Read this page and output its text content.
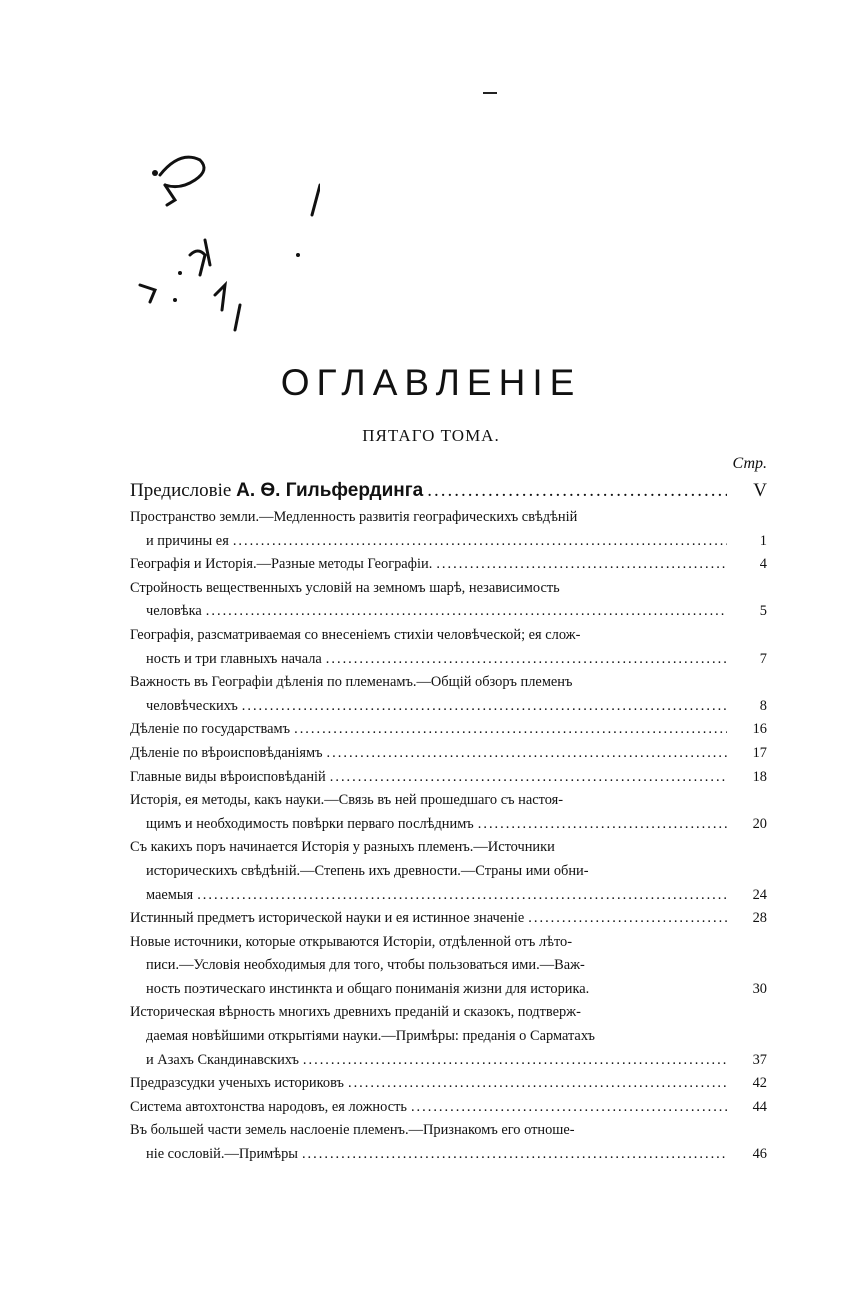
ОГЛАВЛЕНІЕ
ПЯТАГО ТОМА.
Стр.
Предисловіе А. Ѳ. Гильфердинга .....	V
Пространство земли.—Медленность развитія географическихъ свѣдѣній
и причины ея .....	1
Географія и Исторія.—Разные методы Географіи. .....	4
Стройность вещественныхъ условій на земномъ шарѣ, независимость
человѣка .....	5
Географія, разсматриваемая со внесеніемъ стихіи человѣческой; ея слож-
ность и три главныхъ начала .....	7
Важность въ Географіи дѣленія по племенамъ.—Общій обзоръ племенъ
человѣческихъ .....	8
Дѣленіе по государствамъ .....	16
Дѣленіе по вѣроисповѣданіямъ .....	17
Главные виды вѣроисповѣданій .....	18
Исторія, ея методы, какъ науки.—Связь въ ней прошедшаго съ настоя-
щимъ и необходимость повѣрки перваго послѣднимъ .....	20
Съ какихъ поръ начинается Исторія у разныхъ племенъ.—Источники
историческихъ свѣдѣній.—Степень ихъ древности.—Страны ими обни-
маемыя .....	24
Истинный предметъ исторической науки и ея истинное значеніе .....	28
Новые источники, которые открываются Исторіи, отдѣленной отъ лѣто-
писи.—Условія необходимыя для того, чтобы пользоваться ими.—Важ-
ность поэтическаго инстинкта и общаго пониманія жизни для историка.	30
Историческая вѣрность многихъ древнихъ преданій и сказокъ, подтверж-
даемая новѣйшими открытіями науки.—Примѣры: преданія о Сарматахъ
и Азахъ Скандинавскихъ .....	37
Предразсудки ученыхъ историковъ .....	42
Система автохтонства народовъ, ея ложность .....	44
Въ большей части земель наслоеніе племенъ.—Признакомъ его отноше-
ніе сословій.—Примѣры .....	46
